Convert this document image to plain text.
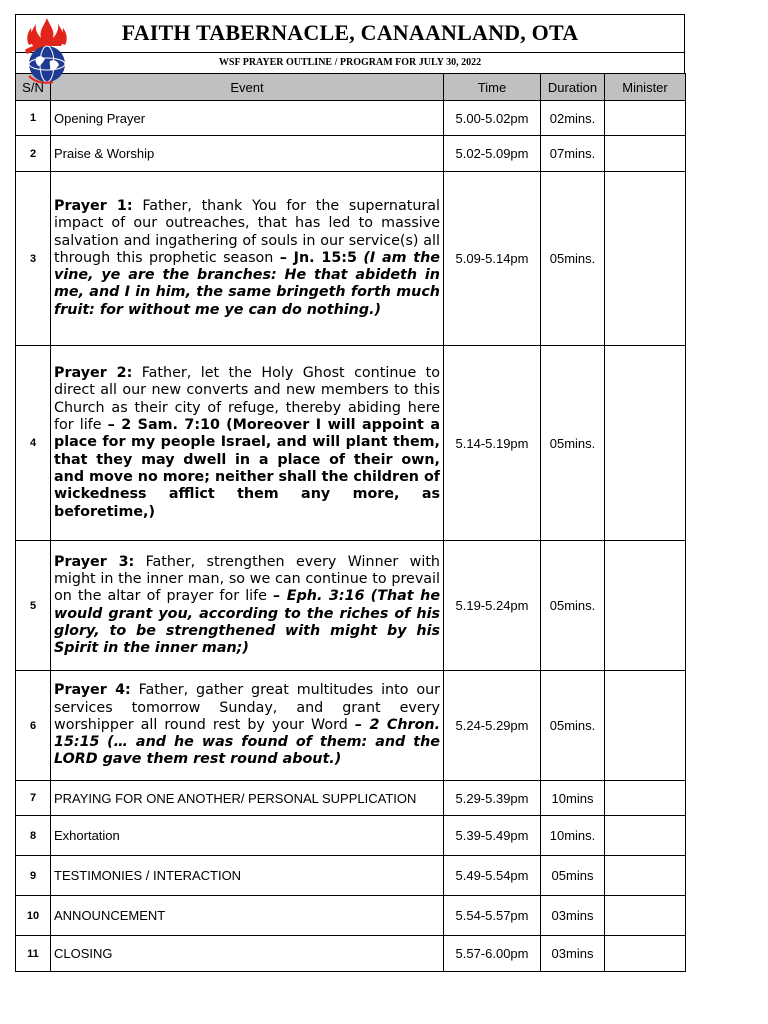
FAITH TABERNACLE, CANAANLAND, OTA
WSF PRAYER OUTLINE / PROGRAM FOR JULY 30, 2022
S/N	Event	Time	Duration	Minister
1	Opening Prayer	5.00-5.02pm	02mins.	
2	Praise & Worship	5.02-5.09pm	07mins.	
3	Prayer 1: Father, thank You for the supernatural impact of our outreaches, that has led to massive salvation and ingathering of souls in our service(s) all through this prophetic season – Jn. 15:5 (I am the vine, ye are the branches: He that abideth in me, and I in him, the same bringeth forth much fruit: for without me ye can do nothing.)	5.09-5.14pm	05mins.	
4	Prayer 2: Father, let the Holy Ghost continue to direct all our new converts and new members to this Church as their city of refuge, thereby abiding here for life – 2 Sam. 7:10 (Moreover I will appoint a place for my people Israel, and will plant them, that they may dwell in a place of their own, and move no more; neither shall the children of wickedness afflict them any more, as beforetime,)	5.14-5.19pm	05mins.	
5	Prayer 3: Father, strengthen every Winner with might in the inner man, so we can continue to prevail on the altar of prayer for life – Eph. 3:16 (That he would grant you, according to the riches of his glory, to be strengthened with might by his Spirit in the inner man;)	5.19-5.24pm	05mins.	
6	Prayer 4: Father, gather great multitudes into our services tomorrow Sunday, and grant every worshipper all round rest by your Word – 2 Chron. 15:15 (… and he was found of them: and the LORD gave them rest round about.)	5.24-5.29pm	05mins.	
7	PRAYING FOR ONE ANOTHER/ PERSONAL SUPPLICATION	5.29-5.39pm	10mins	
8	Exhortation	5.39-5.49pm	10mins.	
9	TESTIMONIES / INTERACTION	5.49-5.54pm	05mins	
10	ANNOUNCEMENT	5.54-5.57pm	03mins	
11	CLOSING	5.57-6.00pm	03mins	
